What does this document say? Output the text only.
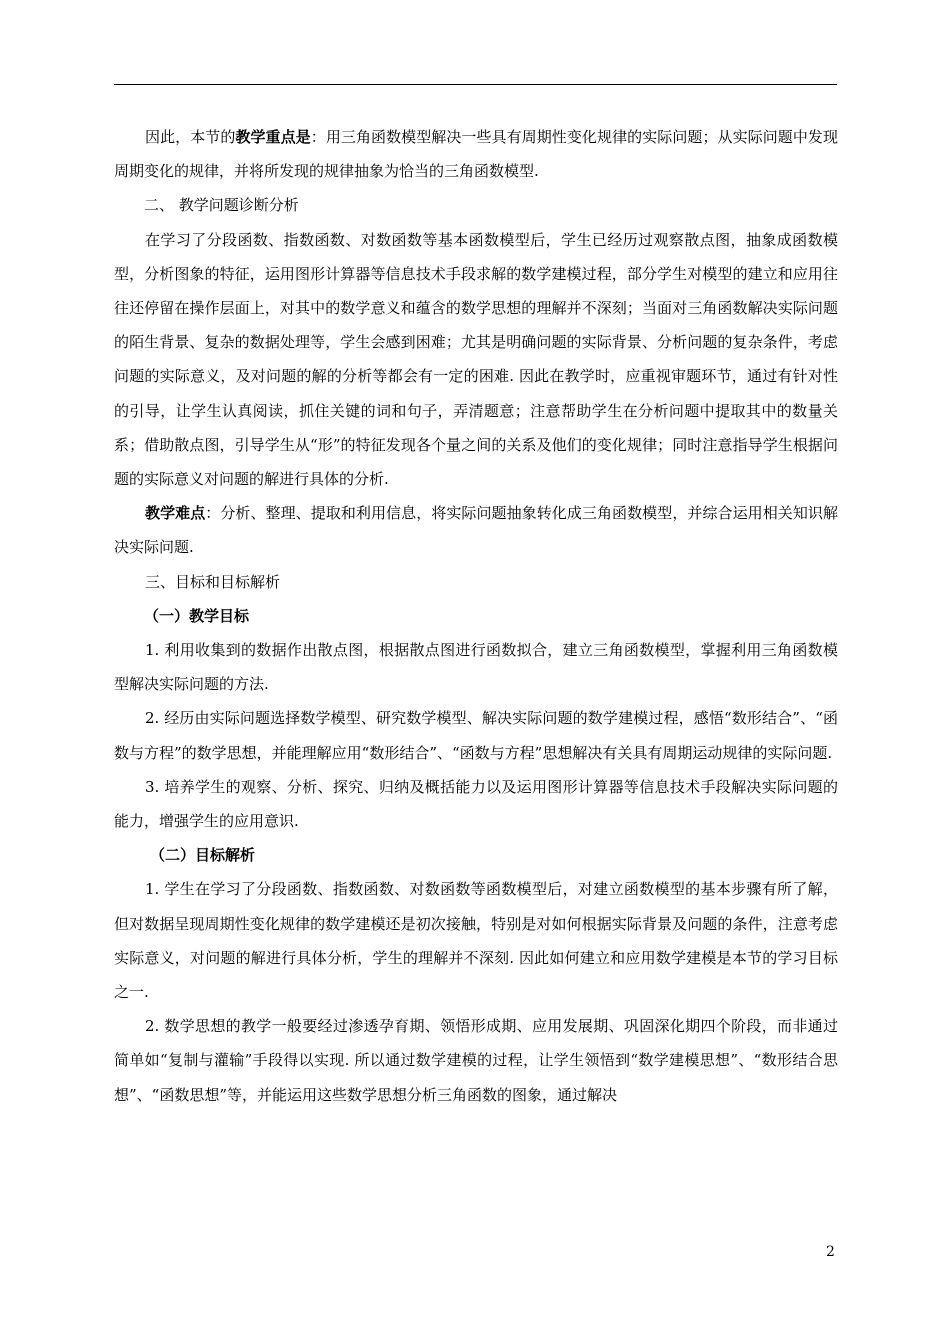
因此，本节的教学重点是：用三角函数模型解决一些具有周期性变化规律的实际问题；从实际问题中发现周期变化的规律，并将所发现的规律抽象为恰当的三角函数模型.

二、 教学问题诊断分析

在学习了分段函数、指数函数、对数函数等基本函数模型后，学生已经历过观察散点图，抽象成函数模型，分析图象的特征，运用图形计算器等信息技术手段求解的数学建模过程，部分学生对模型的建立和应用往往还停留在操作层面上，对其中的数学意义和蕴含的数学思想的理解并不深刻；当面对三角函数解决实际问题的陌生背景、复杂的数据处理等，学生会感到困难；尤其是明确问题的实际背景、分析问题的复杂条件，考虑问题的实际意义，及对问题的解的分析等都会有一定的困难. 因此在教学时，应重视审题环节，通过有针对性的引导，让学生认真阅读，抓住关键的词和句子，弄清题意；注意帮助学生在分析问题中提取其中的数量关系；借助散点图，引导学生从“形”的特征发现各个量之间的关系及他们的变化规律；同时注意指导学生根据问题的实际意义对问题的解进行具体的分析.

教学难点：分析、整理、提取和利用信息，将实际问题抽象转化成三角函数模型，并综合运用相关知识解决实际问题.

三、目标和目标解析

（一）教学目标

1. 利用收集到的数据作出散点图，根据散点图进行函数拟合，建立三角函数模型，掌握利用三角函数模型解决实际问题的方法.

2. 经历由实际问题选择数学模型、研究数学模型、解决实际问题的数学建模过程，感悟“数形结合”、“函数与方程”的数学思想，并能理解应用“数形结合”、“函数与方程”思想解决有关具有周期运动规律的实际问题.

3. 培养学生的观察、分析、探究、归纳及概括能力以及运用图形计算器等信息技术手段解决实际问题的能力，增强学生的应用意识.

（二）目标解析

1. 学生在学习了分段函数、指数函数、对数函数等函数模型后，对建立函数模型的基本步骤有所了解，但对数据呈现周期性变化规律的数学建模还是初次接触，特别是对如何根据实际背景及问题的条件，注意考虑实际意义，对问题的解进行具体分析，学生的理解并不深刻. 因此如何建立和应用数学建模是本节的学习目标之一.

2. 数学思想的教学一般要经过渗透孕育期、领悟形成期、应用发展期、巩固深化期四个阶段，而非通过简单如“复制与灌输”手段得以实现. 所以通过数学建模的过程，让学生领悟到“数学建模思想”、“数形结合思想”、“函数思想”等，并能运用这些数学思想分析三角函数的图象，通过解决

2
